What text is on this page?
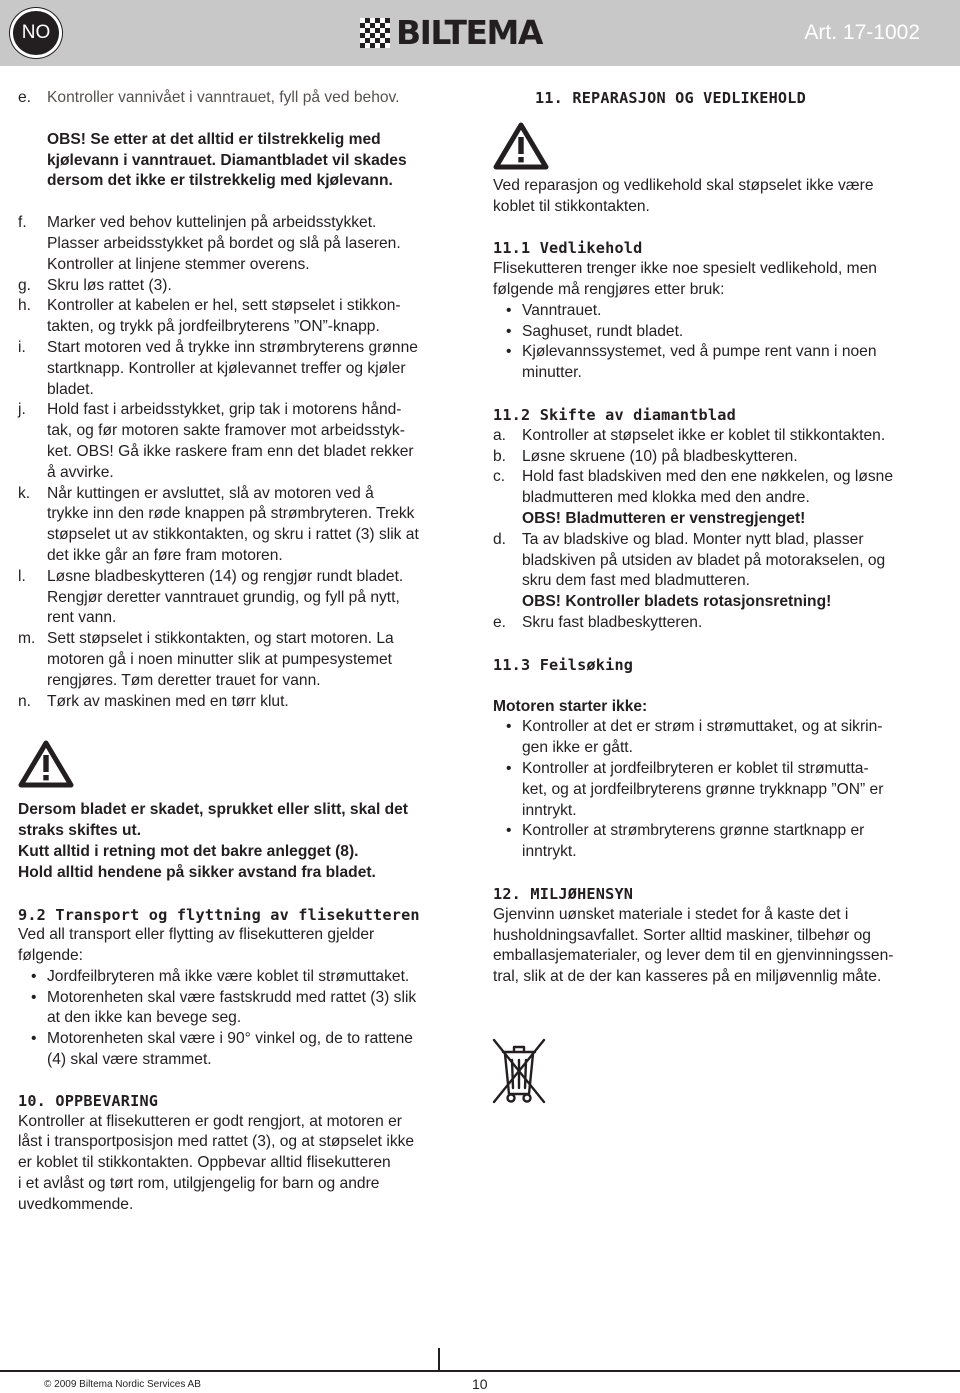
NO	BILTEMA	Art. 17-1002
e. Kontroller vannivået i vanntrauet, fyll på ved behov.
OBS! Se etter at det alltid er tilstrekkelig med
kjølevann i vanntrauet. Diamantbladet vil skades
dersom det ikke er tilstrekkelig med kjølevann.
f. Marker ved behov kuttelinjen på arbeidsstykket.
Plasser arbeidsstykket på bordet og slå på laseren.
Kontroller at linjene stemmer overens.
g. Skru løs rattet (3).
h. Kontroller at kabelen er hel, sett støpselet i stikkon-
takten, og trykk på jordfeilbryterens ”ON”-knapp.
i. Start motoren ved å trykke inn strømbryterens grønne
startknapp. Kontroller at kjølevannet treffer og kjøler
bladet.
j. Hold fast i arbeidsstykket, grip tak i motorens hånd-
tak, og før motoren sakte framover mot arbeidsstyk-
ket. OBS! Gå ikke raskere fram enn det bladet rekker
å avvirke.
k. Når kuttingen er avsluttet, slå av motoren ved å
trykke inn den røde knappen på strømbryteren. Trekk
støpselet ut av stikkontakten, og skru i rattet (3) slik at
det ikke går an føre fram motoren.
l. Løsne bladbeskytteren (14) og rengjør rundt bladet.
Rengjør deretter vanntrauet grundig, og fyll på nytt,
rent vann.
m. Sett støpselet i stikkontakten, og start motoren. La
motoren gå i noen minutter slik at pumpesystemet
rengjøres. Tøm deretter trauet for vann.
n. Tørk av maskinen med en tørr klut.
Dersom bladet er skadet, sprukket eller slitt, skal det
straks skiftes ut.
Kutt alltid i retning mot det bakre anlegget (8).
Hold alltid hendene på sikker avstand fra bladet.
9.2 Transport og flyttning av flisekutteren
Ved all transport eller flytting av flisekutteren gjelder
følgende:
• Jordfeilbryteren må ikke være koblet til strømuttaket.
• Motorenheten skal være fastskrudd med rattet (3) slik
at den ikke kan bevege seg.
• Motorenheten skal være i 90° vinkel og, de to rattene
(4) skal være strammet.
10. OPPBEVARING
Kontroller at flisekutteren er godt rengjort, at motoren er
låst i transportposisjon med rattet (3), og at støpselet ikke
er koblet til stikkontakten. Oppbevar alltid flisekutteren
i et avlåst og tørt rom, utilgjengelig for barn og andre
uvedkommende.
11. REPARASJON OG VEDLIKEHOLD
Ved reparasjon og vedlikehold skal støpselet ikke være
koblet til stikkontakten.
11.1 Vedlikehold
Flisekutteren trenger ikke noe spesielt vedlikehold, men
følgende må rengjøres etter bruk:
• Vanntrauet.
• Saghuset, rundt bladet.
• Kjølevannssystemet, ved å pumpe rent vann i noen
minutter.
11.2 Skifte av diamantblad
a. Kontroller at støpselet ikke er koblet til stikkontakten.
b. Løsne skruene (10) på bladbeskytteren.
c. Hold fast bladskiven med den ene nøkkelen, og løsne
bladmutteren med klokka med den andre.
OBS! Bladmutteren er venstregjenget!
d. Ta av bladskive og blad. Monter nytt blad, plasser
bladskiven på utsiden av bladet på motorakselen, og
skru dem fast med bladmutteren.
OBS! Kontroller bladets rotasjonsretning!
e. Skru fast bladbeskytteren.
11.3 Feilsøking
Motoren starter ikke:
• Kontroller at det er strøm i strømuttaket, og at sikrin-
gen ikke er gått.
• Kontroller at jordfeilbryteren er koblet til strømutta-
ket, og at jordfeilbryterens grønne trykknapp ”ON” er
inntrykt.
• Kontroller at strømbryterens grønne startknapp er
inntrykt.
12. MILJØHENSYN
Gjenvinn uønsket materiale i stedet for å kaste det i
husholdningsavfallet. Sorter alltid maskiner, tilbehør og
emballasjematerialer, og lever dem til en gjenvinningssen-
tral, slik at de der kan kasseres på en miljøvennlig måte.
© 2009 Biltema Nordic Services AB	10
